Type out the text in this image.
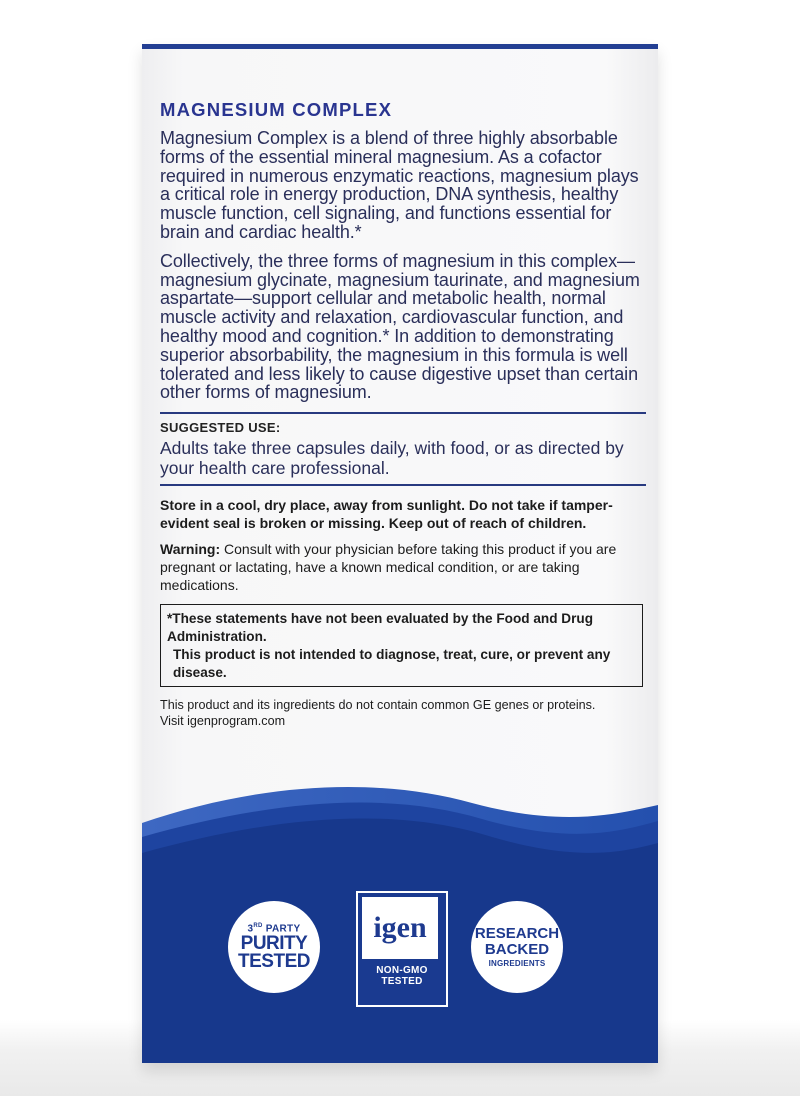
MAGNESIUM COMPLEX

Magnesium Complex is a blend of three highly absorbable forms of the essential mineral magnesium. As a cofactor required in numerous enzymatic reactions, magnesium plays a critical role in energy production, DNA synthesis, healthy muscle function, cell signaling, and functions essential for brain and cardiac health.*

Collectively, the three forms of magnesium in this complex—magnesium glycinate, magnesium taurinate, and magnesium aspartate—support cellular and metabolic health, normal muscle activity and relaxation, cardiovascular function, and healthy mood and cognition.* In addition to demonstrating superior absorbability, the magnesium in this formula is well tolerated and less likely to cause digestive upset than certain other forms of magnesium.

SUGGESTED USE:
Adults take three capsules daily, with food, or as directed by your health care professional.
Store in a cool, dry place, away from sunlight. Do not take if tamper-evident seal is broken or missing. Keep out of reach of children.
Warning: Consult with your physician before taking this product if you are pregnant or lactating, have a known medical condition, or are taking medications.
*These statements have not been evaluated by the Food and Drug Administration.
This product is not intended to diagnose, treat, cure, or prevent any disease.

This product and its ingredients do not contain common GE genes or proteins.

Visit igenprogram.com

3RD PARTY
PURITY
TESTED
igen
NON-GMO
TESTED
RESEARCH
BACKED
INGREDIENTS
